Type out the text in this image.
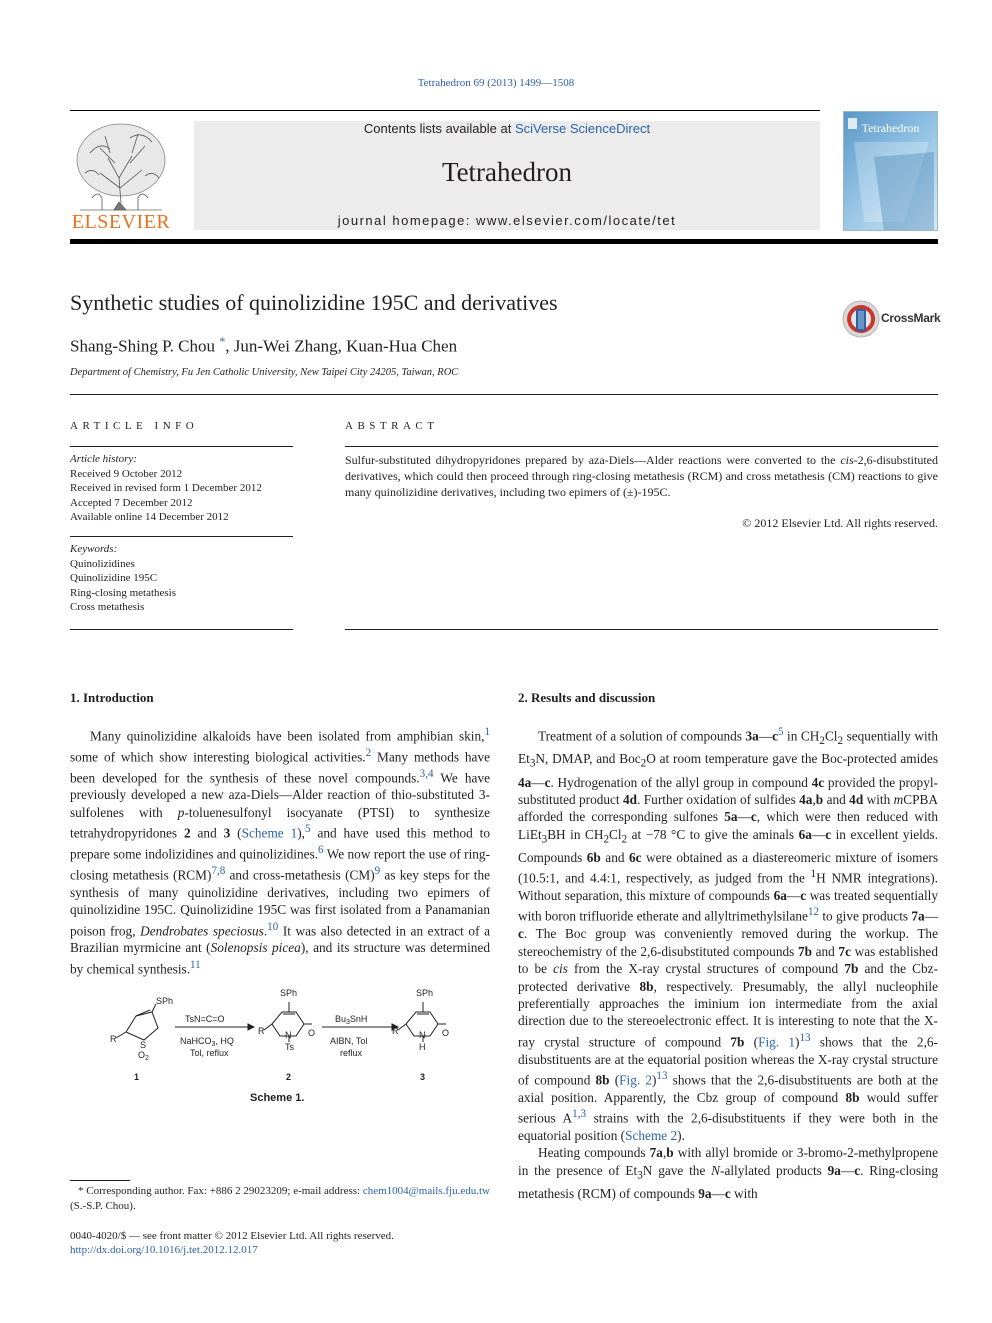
Tetrahedron 69 (2013) 1499—1508
ELSEVIER
Contents lists available at SciVerse ScienceDirect
Tetrahedron
journal homepage: www.elsevier.com/locate/tet
Tetrahedron
Synthetic studies of quinolizidine 195C and derivatives
CrossMark
Shang-Shing P. Chou *, Jun-Wei Zhang, Kuan-Hua Chen
Department of Chemistry, Fu Jen Catholic University, New Taipei City 24205, Taiwan, ROC
ARTICLE INFO
Article history:
Received 9 October 2012
Received in revised form 1 December 2012
Accepted 7 December 2012
Available online 14 December 2012
Keywords:
Quinolizidines
Quinolizidine 195C
Ring-closing metathesis
Cross metathesis
ABSTRACT
Sulfur-substituted dihydropyridones prepared by aza-Diels—Alder reactions were converted to the cis-2,6-disubstituted derivatives, which could then proceed through ring-closing metathesis (RCM) and cross metathesis (CM) reactions to give many quinolizidine derivatives, including two epimers of (±)-195C.
© 2012 Elsevier Ltd. All rights reserved.
1. Introduction	2. Results and discussion

Many quinolizidine alkaloids have been isolated from amphibian skin,$^1$ some of which show interesting biological activities.$^2$ Many methods have been developed for the synthesis of these novel compounds.$^{3,4}$ We have previously developed a new aza-Diels—Alder reaction of thio-substituted 3-sulfolenes with p-toluenesulfonyl isocyanate (PTSI) to synthesize tetrahydropyridones 2 and 3 (Scheme 1),$^5$ and have used this method to prepare some indolizidines and quinolizidines.$^6$ We now report the use of ring-closing metathesis (RCM)$^{7,8}$ and cross-metathesis (CM)$^9$ as key steps for the synthesis of many quinolizidine derivatives, including two epimers of quinolizidine 195C. Quinolizidine 195C was first isolated from a Panamanian poison frog, Dendrobates speciosus.$^{10}$ It was also detected in an extract of a Brazilian myrmicine ant (Solenopsis picea), and its structure was determined by chemical synthesis.$^{11}$

SPh
R
S
$O_2$
TsN=C=O
NaHCO$_3$, HQ
Tol, reflux
SPh
R N O
Ts
$Bu_3SnH$
AIBN, Tol
reflux
SPh
R N O
H
1	2	3
Scheme 1.

Treatment of a solution of compounds $3a—c^5$ in $CH_2Cl_2$ sequentially with $Et_3N$, DMAP, and Boc$_2$O at room temperature gave the Boc-protected amides 4a—c. Hydrogenation of the allyl group in compound 4c provided the propyl-substituted product 4d. Further oxidation of sulfides 4a,b and 4d with mCPBA afforded the corresponding sulfones 5a—c, which were then reduced with LiEt$_3$BH in $CH_2Cl_2$ at −78 °C to give the aminals 6a—c in excellent yields. Compounds 6b and 6c were obtained as a diastereomeric mixture of isomers (10.5:1, and 4.4:1, respectively, as judged from the $^1$H NMR integrations). Without separation, this mixture of compounds 6a—c was treated sequentially with boron trifluoride etherate and allyltrimethylsilane$^{12}$ to give products 7a—c. The Boc group was conveniently removed during the workup. The stereochemistry of the 2,6-disubstituted compounds 7b and 7c was established to be cis from the X-ray crystal structures of compound 7b and the Cbz-protected derivative 8b, respectively. Presumably, the allyl nucleophile preferentially approaches the iminium ion intermediate from the axial direction due to the stereoelectronic effect. It is interesting to note that the X-ray crystal structure of compound 7b (Fig. 1)$^{13}$ shows that the 2,6-disubstituents are at the equatorial position whereas the X-ray crystal structure of compound 8b (Fig. 2)$^{13}$ shows that the 2,6-disubstituents are both at the axial position. Apparently, the Cbz group of compound 8b would suffer serious A$^{1,3}$ strains with the 2,6-disubstituents if they were both in the equatorial position (Scheme 2).

Heating compounds 7a,b with allyl bromide or 3-bromo-2-methylpropene in the presence of $Et_3N$ gave the N-allylated products 9a—c. Ring-closing metathesis (RCM) of compounds 9a—c with

* Corresponding author. Fax: +886 2 29023209; e-mail address: chem1004@mails.fju.edu.tw (S.-S.P. Chou).
0040-4020/$ — see front matter © 2012 Elsevier Ltd. All rights reserved.
http://dx.doi.org/10.1016/j.tet.2012.12.017
